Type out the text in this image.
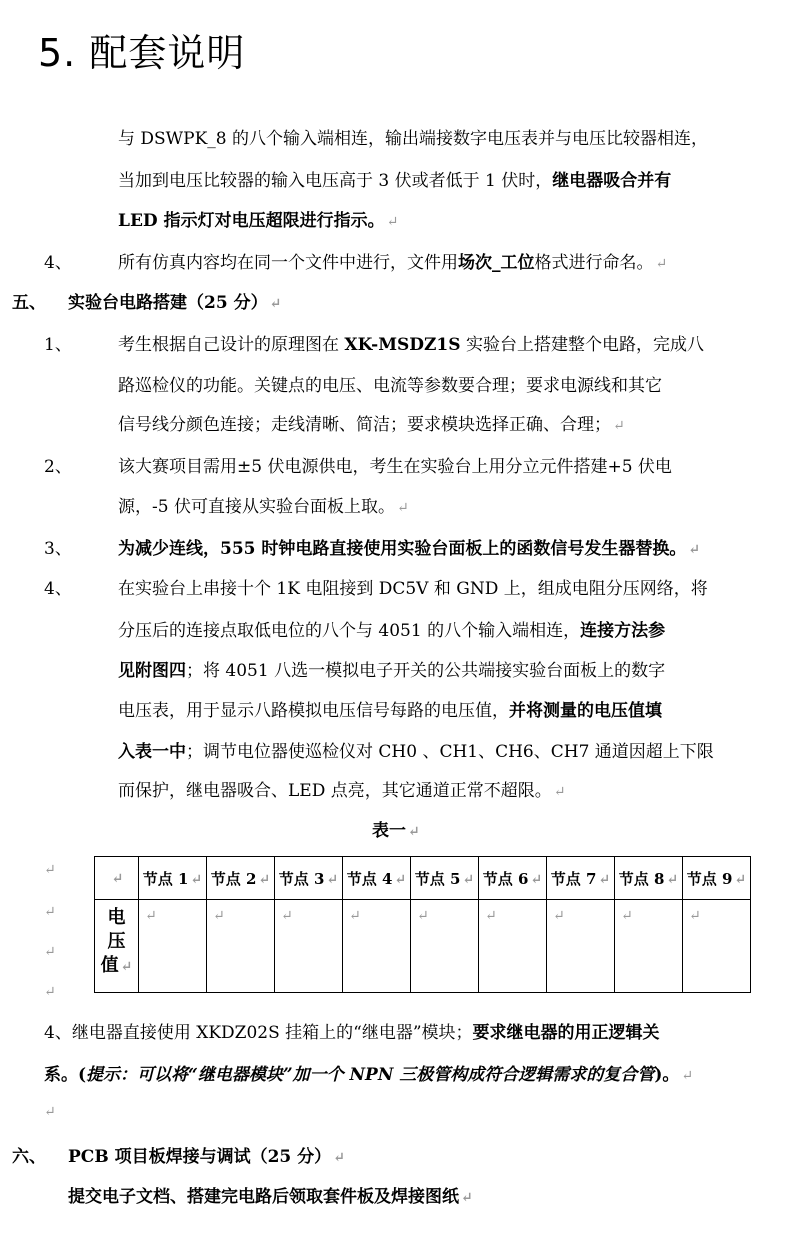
5. 配套说明
与 DSWPK_8 的八个输入端相连，输出端接数字电压表并与电压比较器相连，
当加到电压比较器的输入电压高于 3 伏或者低于 1 伏时，继电器吸合并有
LED 指示灯对电压超限进行指示。 ↵
4、	所有仿真内容均在同一个文件中进行，文件用场次_工位格式进行命名。 ↵
五、 实验台电路搭建（25 分） ↵
1、	考生根据自己设计的原理图在 XK-MSDZ1S 实验台上搭建整个电路，完成八
路巡检仪的功能。关键点的电压、电流等参数要合理；要求电源线和其它
信号线分颜色连接；走线清晰、简洁；要求模块选择正确、合理； ↵
2、	该大赛项目需用±5 伏电源供电，考生在实验台上用分立元件搭建+5 伏电
源，-5 伏可直接从实验台面板上取。 ↵
3、	为减少连线，555 时钟电路直接使用实验台面板上的函数信号发生器替换。 ↵
4、	在实验台上串接十个 1K 电阻接到 DC5V 和 GND 上，组成电阻分压网络，将
分压后的连接点取低电位的八个与 4051 的八个输入端相连，连接方法参
见附图四；将 4051 八选一模拟电子开关的公共端接实验台面板上的数字
电压表，用于显示八路模拟电压信号每路的电压值，并将测量的电压值填
入表一中；调节电位器使巡检仪对 CH0 、CH1、CH6、CH7 通道因超上下限
而保护，继电器吸合、LED 点亮，其它通道正常不超限。 ↵
表一 ↵
↵
↵
↵
↵
↵	节点 1 ↵	节点 2 ↵	节点 3 ↵	节点 4 ↵	节点 5 ↵	节点 6 ↵	节点 7 ↵	节点 8 ↵	节点 9 ↵

电
压
值 ↵	↵	↵	↵	↵	↵	↵	↵	↵	↵
4、继电器直接使用 XKDZ02S 挂箱上的“继电器”模块；要求继电器的用正逻辑关
系。(提示：可以将“继电器模块”加一个 NPN 三极管构成符合逻辑需求的复合管)。 ↵
↵
六、 PCB 项目板焊接与调试（25 分） ↵
提交电子文档、搭建完电路后领取套件板及焊接图纸 ↵
